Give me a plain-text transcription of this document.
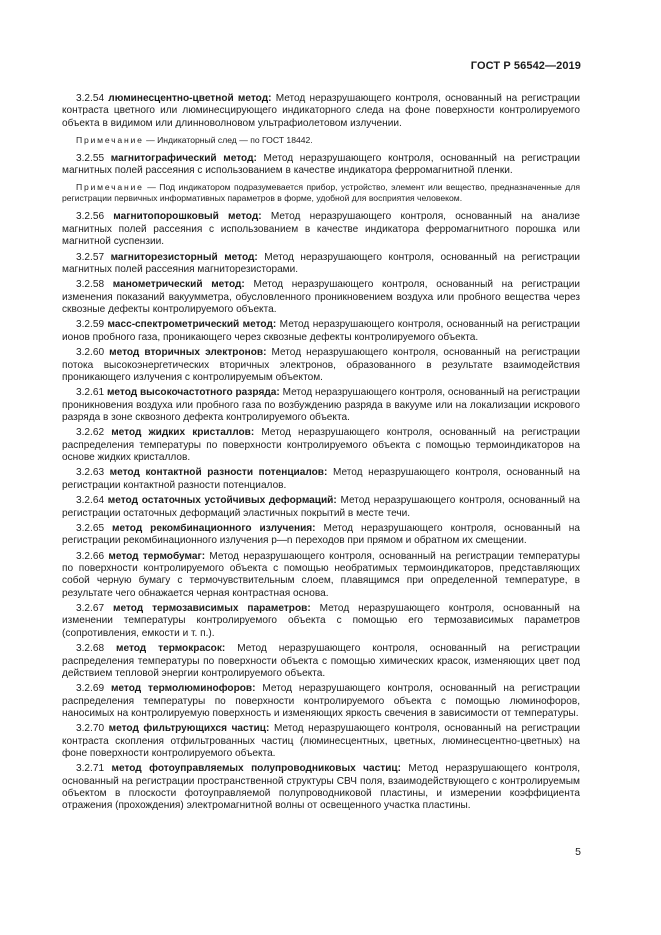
ГОСТ Р 56542—2019

3.2.54 люминесцентно-цветной метод: Метод неразрушающего контроля, основанный на регистрации контраста цветного или люминесцирующего индикаторного следа на фоне поверхности контролируемого объекта в видимом или длинноволновом ультрафиолетовом излучении.

Примечание — Индикаторный след — по ГОСТ 18442.

3.2.55 магнитографический метод: Метод неразрушающего контроля, основанный на регистрации магнитных полей рассеяния с использованием в качестве индикатора ферромагнитной пленки.

Примечание — Под индикатором подразумевается прибор, устройство, элемент или вещество, предназначенные для регистрации первичных информативных параметров в форме, удобной для восприятия человеком.

3.2.56 магнитопорошковый метод: Метод неразрушающего контроля, основанный на анализе магнитных полей рассеяния с использованием в качестве индикатора ферромагнитного порошка или магнитной суспензии.

3.2.57 магниторезисторный метод: Метод неразрушающего контроля, основанный на регистрации магнитных полей рассеяния магниторезисторами.

3.2.58 манометрический метод: Метод неразрушающего контроля, основанный на регистрации изменения показаний вакуумметра, обусловленного проникновением воздуха или пробного вещества через сквозные дефекты контролируемого объекта.

3.2.59 масс-спектрометрический метод: Метод неразрушающего контроля, основанный на регистрации ионов пробного газа, проникающего через сквозные дефекты контролируемого объекта.

3.2.60 метод вторичных электронов: Метод неразрушающего контроля, основанный на регистрации потока высокоэнергетических вторичных электронов, образованного в результате взаимодействия проникающего излучения с контролируемым объектом.

3.2.61 метод высокочастотного разряда: Метод неразрушающего контроля, основанный на регистрации проникновения воздуха или пробного газа по возбуждению разряда в вакууме или на локализации искрового разряда в зоне сквозного дефекта контролируемого объекта.

3.2.62 метод жидких кристаллов: Метод неразрушающего контроля, основанный на регистрации распределения температуры по поверхности контролируемого объекта с помощью термоиндикаторов на основе жидких кристаллов.

3.2.63 метод контактной разности потенциалов: Метод неразрушающего контроля, основанный на регистрации контактной разности потенциалов.

3.2.64 метод остаточных устойчивых деформаций: Метод неразрушающего контроля, основанный на регистрации остаточных деформаций эластичных покрытий в месте течи.

3.2.65 метод рекомбинационного излучения: Метод неразрушающего контроля, основанный на регистрации рекомбинационного излучения р—n переходов при прямом и обратном их смещении.

3.2.66 метод термобумаг: Метод неразрушающего контроля, основанный на регистрации температуры по поверхности контролируемого объекта с помощью необратимых термоиндикаторов, представляющих собой черную бумагу с термочувствительным слоем, плавящимся при определенной температуре, в результате чего обнажается черная контрастная основа.

3.2.67 метод термозависимых параметров: Метод неразрушающего контроля, основанный на изменении температуры контролируемого объекта с помощью его термозависимых параметров (сопротивления, емкости и т. п.).

3.2.68 метод термокрасок: Метод неразрушающего контроля, основанный на регистрации распределения температуры по поверхности объекта с помощью химических красок, изменяющих цвет под действием тепловой энергии контролируемого объекта.

3.2.69 метод термолюминофоров: Метод неразрушающего контроля, основанный на регистрации распределения температуры по поверхности контролируемого объекта с помощью люминофоров, наносимых на контролируемую поверхность и изменяющих яркость свечения в зависимости от температуры.

3.2.70 метод фильтрующихся частиц: Метод неразрушающего контроля, основанный на регистрации контраста скопления отфильтрованных частиц (люминесцентных, цветных, люминесцентно-цветных) на фоне поверхности контролируемого объекта.

3.2.71 метод фотоуправляемых полупроводниковых частиц: Метод неразрушающего контроля, основанный на регистрации пространственной структуры СВЧ поля, взаимодействующего с контролируемым объектом в плоскости фотоуправляемой полупроводниковой пластины, и измерении коэффициента отражения (прохождения) электромагнитной волны от освещенного участка пластины.

5
